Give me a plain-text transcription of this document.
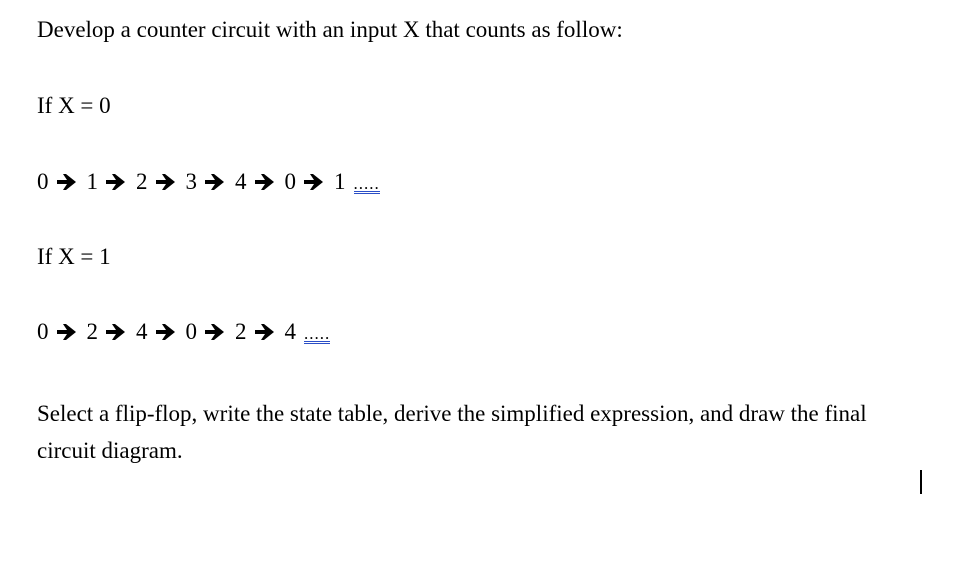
Develop a counter circuit with an input X that counts as follow:
If X = 0
0 1 2 3 4 0 1 .....
If X = 1
0 2 4 0 2 4 .....
Select a flip-flop, write the state table, derive the simplified expression, and draw the final circuit diagram.
